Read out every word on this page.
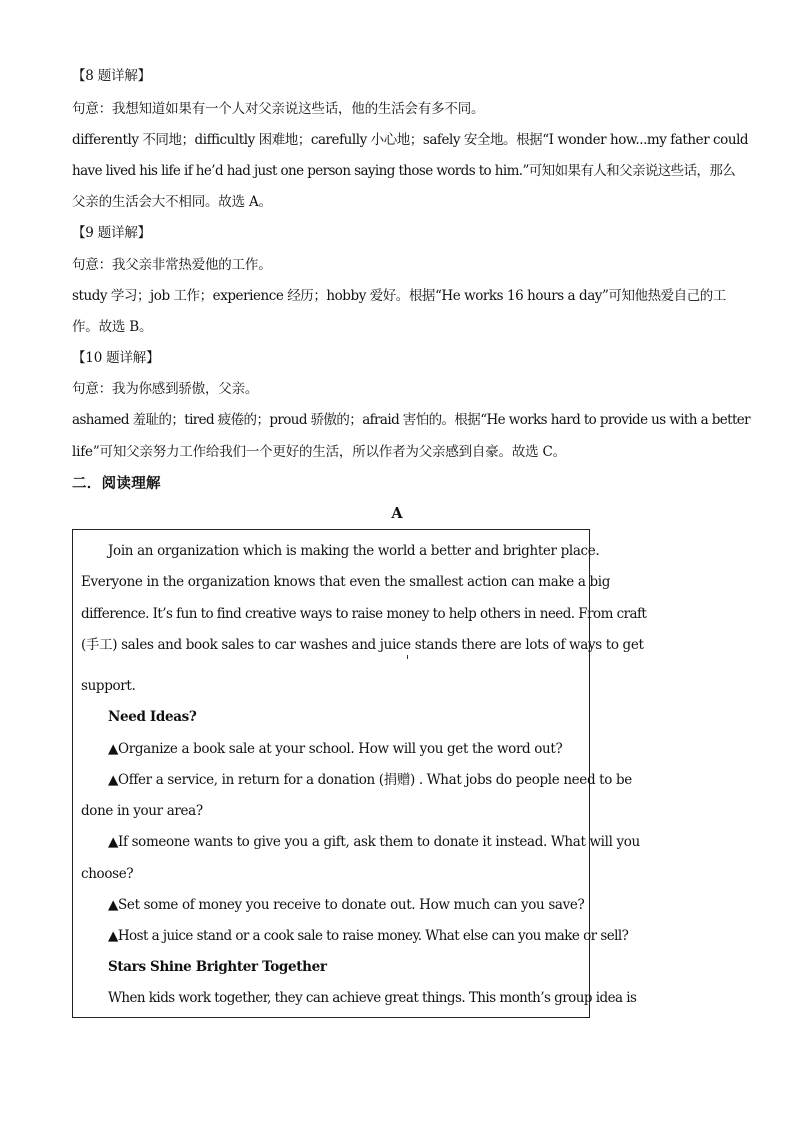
【8 题详解】
句意：我想知道如果有一个人对父亲说这些话，他的生活会有多不同。
differently 不同地；difficultly 困难地；carefully 小心地；safely 安全地。根据“I wonder how...my father could
have lived his life if he’d had just one person saying those words to him.”可知如果有人和父亲说这些话，那么
父亲的生活会大不相同。故选 A。
【9 题详解】
句意：我父亲非常热爱他的工作。
study 学习；job 工作；experience 经历；hobby 爱好。根据“He works 16 hours a day”可知他热爱自己的工
作。故选 B。
【10 题详解】
句意：我为你感到骄傲，父亲。
ashamed 羞耻的；tired 疲倦的；proud 骄傲的；afraid 害怕的。根据“He works hard to provide us with a better
life”可知父亲努力工作给我们一个更好的生活，所以作者为父亲感到自豪。故选 C。
二．阅读理解
A
Join an organization which is making the world a better and brighter place.
Everyone in the organization knows that even the smallest action can make a big
difference. It’s fun to find creative ways to raise money to help others in need. From craft
(手工) sales and book sales to car washes and juice stands there are lots of ways to get
support.
Need Ideas?
▲Organize a book sale at your school. How will you get the word out?
▲Offer a service, in return for a donation (捐赠) . What jobs do people need to be
done in your area?
▲If someone wants to give you a gift, ask them to donate it instead. What will you
choose?
▲Set some of money you receive to donate out. How much can you save?
▲Host a juice stand or a cook sale to raise money. What else can you make or sell?
Stars Shine Brighter Together
When kids work together, they can achieve great things. This month’s group idea is
